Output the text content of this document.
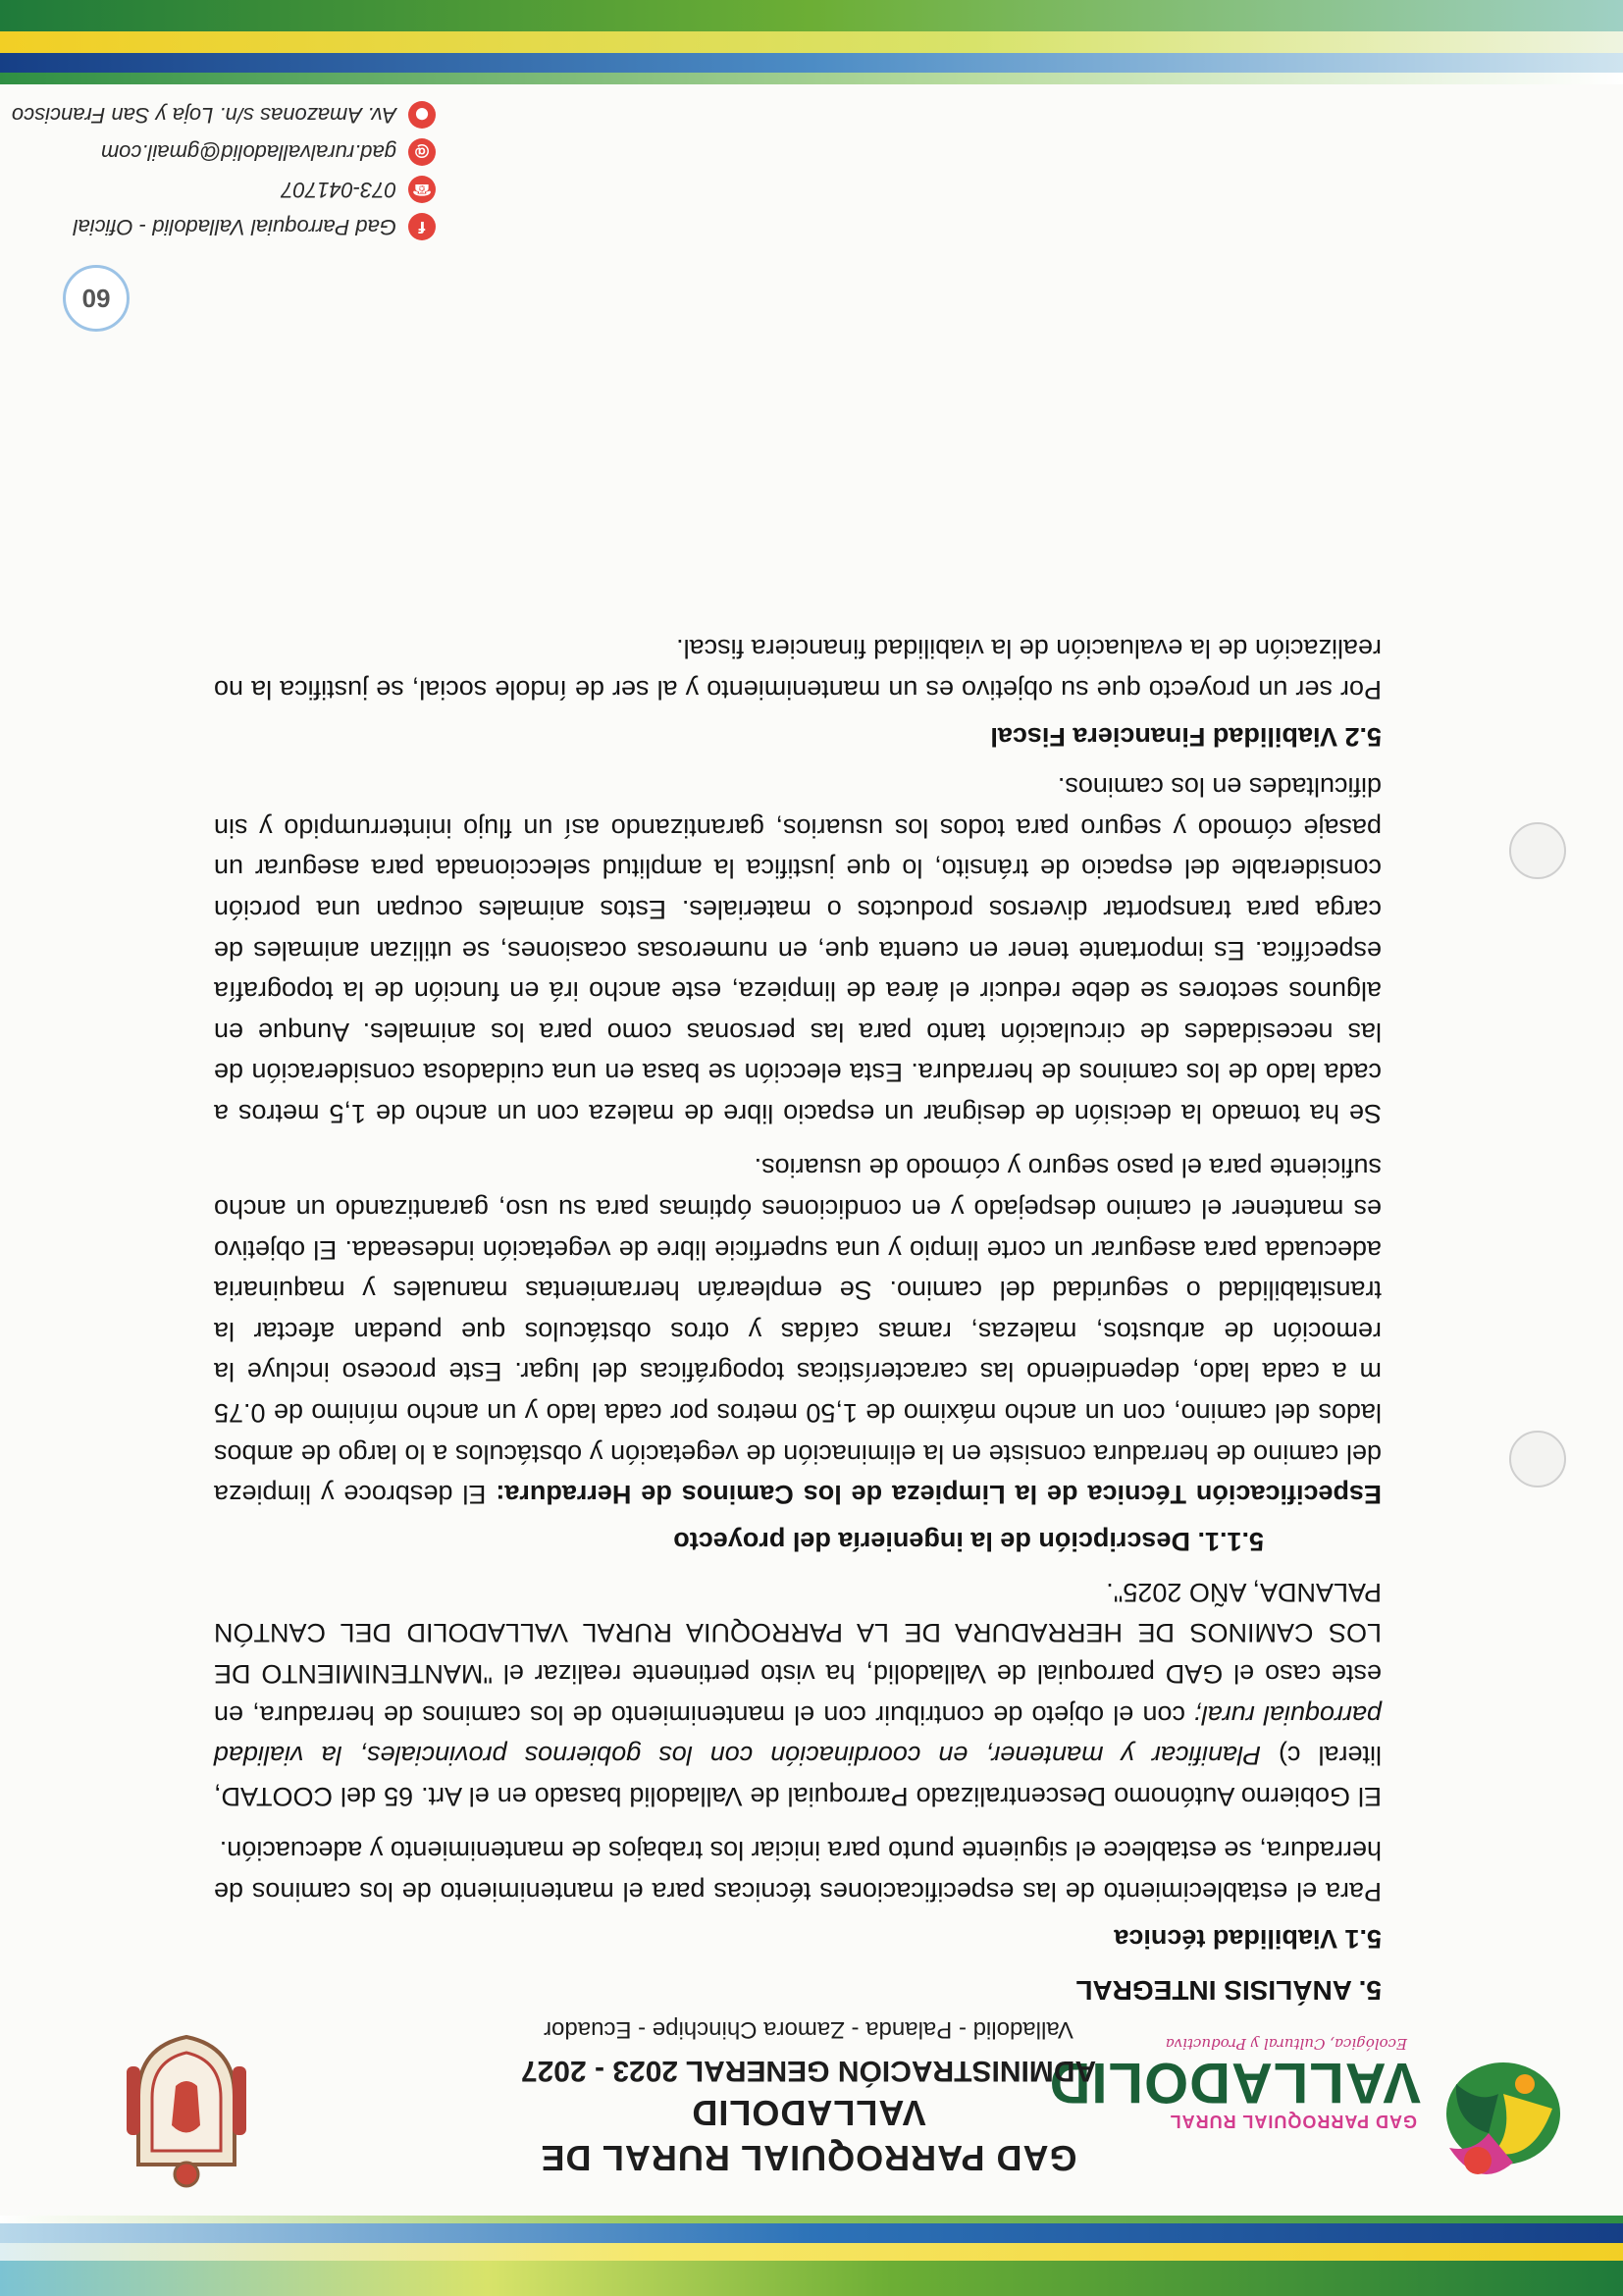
GAD PARROQUIAL RURAL
VALLADOLID
Ecológica, Cultural y Productiva
GAD PARROQUIAL RURAL DE VALLADOLID
ADMINISTRACIÓN GENERAL 2023 - 2027
Valladolid - Palanda - Zamora Chinchipe - Ecuador
5. ANÁLISIS INTEGRAL
5.1 Viabilidad técnica

Para el establecimiento de las especificaciones técnicas para el mantenimiento de los caminos de herradura, se establece el siguiente punto para iniciar los trabajos de mantenimiento y adecuación.

El Gobierno Autónomo Descentralizado Parroquial de Valladolid basado en el Art. 65 del COOTAD, literal c) Planificar y mantener, en coordinación con los gobiernos provinciales, la vialidad parroquial rural; con el objeto de contribuir con el mantenimiento de los caminos de herradura, en este caso el GAD parroquial de Valladolid, ha visto pertinente realizar el "MANTENIMIENTO DE LOS CAMINOS DE HERRADURA DE LA PARROQUIA RURAL VALLADOLID DEL CANTÓN PALANDA, AÑO 2025".

5.1.1. Descripción de la ingeniería del proyecto

Especificación Técnica de la Limpieza de los Caminos de Herradura: El desbroce y limpieza del camino de herradura consiste en la eliminación de vegetación y obstáculos a lo largo de ambos lados del camino, con un ancho máximo de 1,50 metros por cada lado y un ancho mínimo de 0.75 m a cada lado, dependiendo las características topográficas del lugar. Este proceso incluye la remoción de arbustos, malezas, ramas caídas y otros obstáculos que puedan afectar la transitabilidad o seguridad del camino. Se emplearán herramientas manuales y maquinaria adecuada para asegurar un corte limpio y una superficie libre de vegetación indeseada. El objetivo es mantener el camino despejado y en condiciones óptimas para su uso, garantizando un ancho suficiente para el paso seguro y cómodo de usuarios.

Se ha tomado la decisión de designar un espacio libre de maleza con un ancho de 1,5 metros a cada lado de los caminos de herradura. Esta elección se basa en una cuidadosa consideración de las necesidades de circulación tanto para las personas como para los animales. Aunque en algunos sectores se debe reducir el área de limpieza, este ancho irá en función de la topografía específica. Es importante tener en cuenta que, en numerosas ocasiones, se utilizan animales de carga para transportar diversos productos o materiales. Estos animales ocupan una porción considerable del espacio de tránsito, lo que justifica la amplitud seleccionada para asegurar un pasaje cómodo y seguro para todos los usuarios, garantizando así un flujo ininterrumpido y sin dificultades en los caminos.

5.2 Viabilidad Financiera Fiscal

Por ser un proyecto que su objetivo es un mantenimiento y al ser de índole social, se justifica la no realización de la evaluación de la viabilidad financiera fiscal.

60
f
Gad Parroquial Valladolid - Oficial
☎
073-041707
@
gad.ruralvalladolid@gmail.com
●
Av. Amazonas s/n. Loja y San Francisco
